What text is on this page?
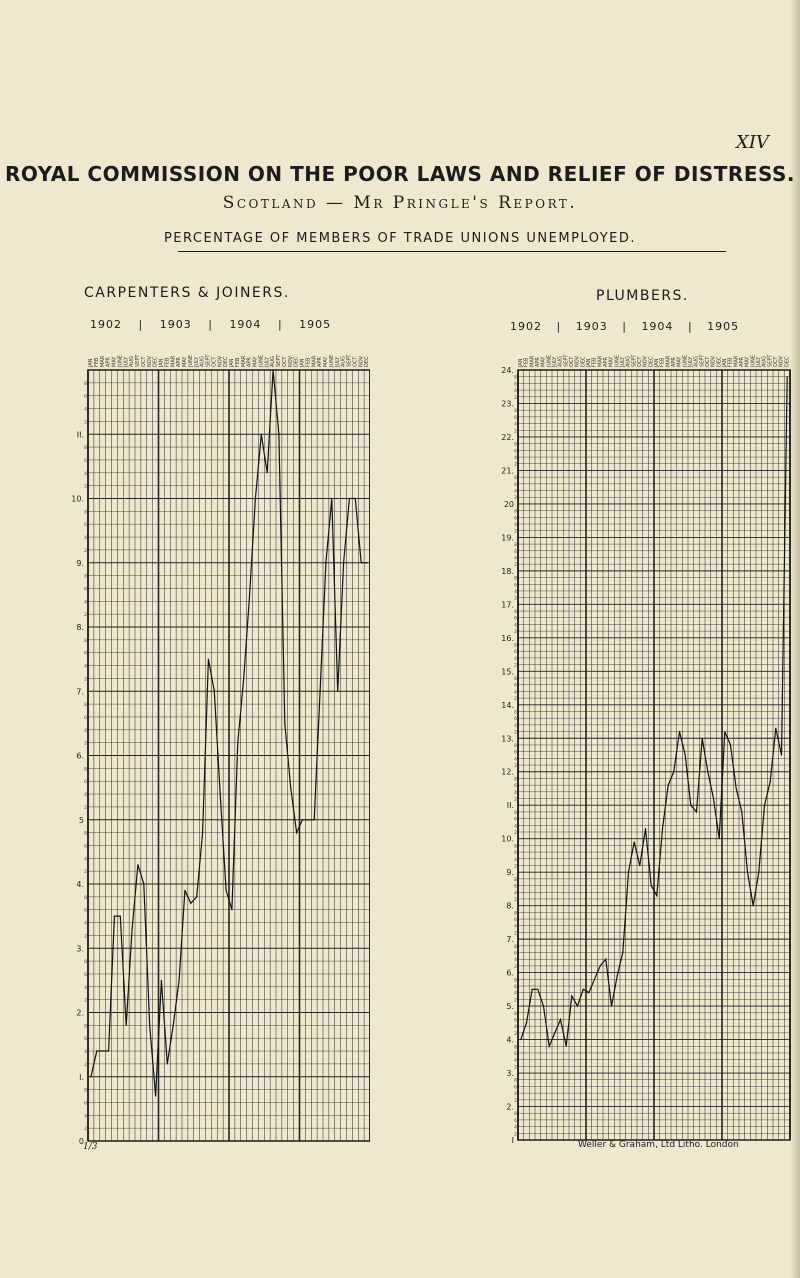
XIV
ROYAL COMMISSION ON THE POOR LAWS AND RELIEF OF DISTRESS.
Scotland — Mr Pringle's Report.
PERCENTAGE OF MEMBERS OF TRADE UNIONS UNEMPLOYED.
CARPENTERS & JOINERS.
1902 | 1903 | 1904 | 1905
JAN FEB MAR APR MAY JUNE JULY AUG SEPT OCT NOV DEC JAN FEB MAR APR MAY JUNE JULY AUG SEPT OCT NOV DEC JAN FEB MAR APR MAY JUNE JULY AUG SEPT OCT NOV DEC JAN FEB MAR APR MAY JUNE JULY AUG SEPT OCT NOV DEC
0
I.
2.
3.
4.
5
6.
7.
8.
9.
10.
II.
2
4
6
8
2
4
6
8
2
4
6
8
2
4
6
8
2
4
6
8
2
4
6
8
2
4
6
8
2
4
6
8
2
4
6
8
2
4
6
8
2
4
6
8
2
4
6
8
PLUMBERS.
1902 | 1903 | 1904 | 1905
JAN FEB MAR APR MAY JUNE JULY AUG SEPT OCT NOV DEC JAN FEB MAR APR MAY JUNE JULY AUG SEPT OCT NOV DEC JAN FEB MAR APR MAY JUNE JULY AUG SEPT OCT NOV DEC JAN FEB MAR APR MAY JUNE JULY AUG SEPT OCT NOV DEC
I
2.
3.
4.
5.
6.
7.
8.
9.
10.
II.
12.
13.
14.
15.
16.
17.
18.
19.
20
21.
22.
23.
24.
2
4
6
8
2
4
6
8
2
4
6
8
2
4
6
8
2
4
6
8
2
4
6
8
2
4
6
8
2
4
6
8
2
4
6
8
2
4
6
8
2
4
6
8
2
4
6
8
2
4
6
8
2
4
6
8
2
4
6
8
2
4
6
8
2
4
6
8
2
4
6
8
2
4
6
8
2
4
6
8
2
4
6
8
2
4
6
8
2
4
6
8
1/3	Weller & Graham, Ltd Litho. London
